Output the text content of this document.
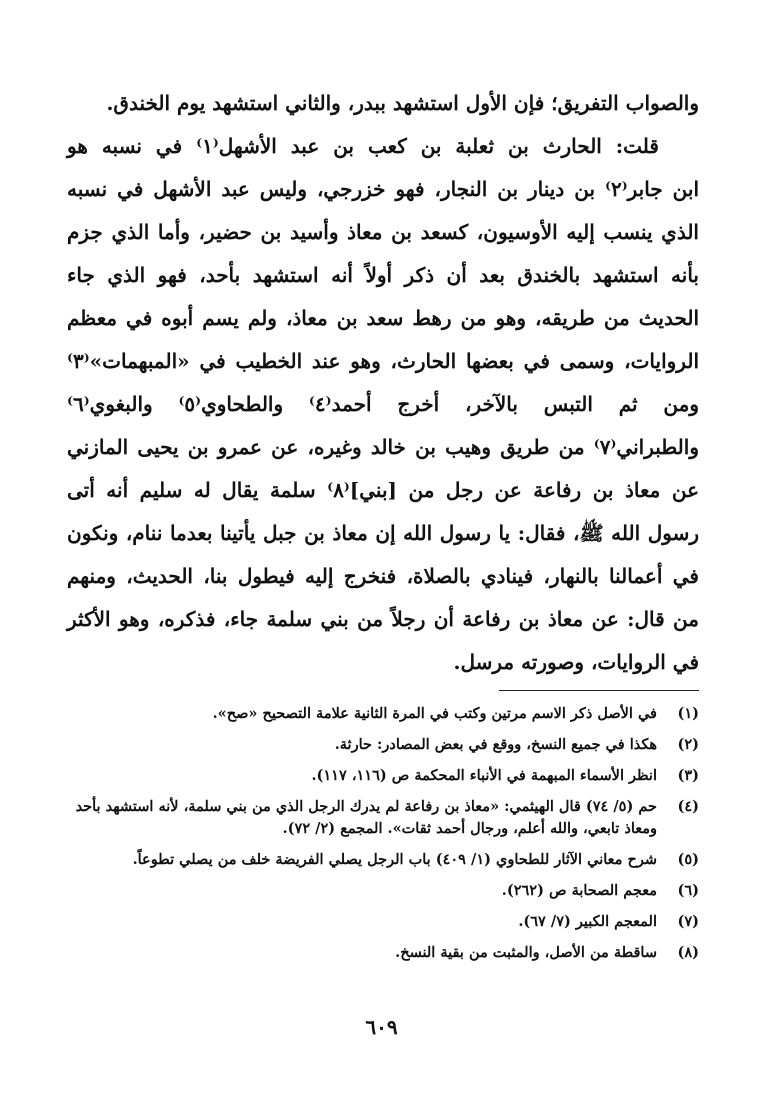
والصواب التفريق؛ فإن الأول استشهد ببدر، والثاني استشهد يوم الخندق.
قلت: الحارث بن ثعلبة بن كعب بن عبد الأشهل⁽١⁾ في نسبه هو
ابن جابر⁽٢⁾ بن دينار بن النجار، فهو خزرجي، وليس عبد الأشهل في نسبه
الذي ينسب إليه الأوسيون، كسعد بن معاذ وأسيد بن حضير، وأما الذي جزم
بأنه استشهد بالخندق بعد أن ذكر أولاً أنه استشهد بأحد، فهو الذي جاء
الحديث من طريقه، وهو من رهط سعد بن معاذ، ولم يسم أبوه في معظم
الروايات، وسمى في بعضها الحارث، وهو عند الخطيب في «المبهمات»⁽٣⁾
ومن ثم التبس بالآخر، أخرج أحمد⁽٤⁾ والطحاوي⁽٥⁾ والبغوي⁽٦⁾
والطبراني⁽٧⁾ من طريق وهيب بن خالد وغيره، عن عمرو بن يحيى المازني
عن معاذ بن رفاعة عن رجل من [بني]⁽٨⁾ سلمة يقال له سليم أنه أتى
رسول الله ﷺ، فقال: يا رسول الله إن معاذ بن جبل يأتينا بعدما ننام، ونكون
في أعمالنا بالنهار، فينادي بالصلاة، فنخرج إليه فيطول بنا، الحديث، ومنهم
من قال: عن معاذ بن رفاعة أن رجلاً من بني سلمة جاء، فذكره، وهو الأكثر
في الروايات، وصورته مرسل.
(١)
في الأصل ذكر الاسم مرتين وكتب في المرة الثانية علامة التصحيح «صح».
(٢)
هكذا في جميع النسخ، ووقع في بعض المصادر: حارثة.
(٣)
انظر الأسماء المبهمة في الأنباء المحكمة ص (١١٦، ١١٧).
(٤)
حم (٥/ ٧٤) قال الهيثمي: «معاذ بن رفاعة لم يدرك الرجل الذي من بني سلمة، لأنه استشهد بأحد ومعاذ تابعي، والله أعلم، ورجال أحمد ثقات». المجمع (٢/ ٧٢).
(٥)
شرح معاني الآثار للطحاوي (١/ ٤٠٩) باب الرجل يصلي الفريضة خلف من يصلي تطوعاً.
(٦)
معجم الصحابة ص (٢٦٢).
(٧)
المعجم الكبير (٧/ ٦٧).
(٨)
ساقطة من الأصل، والمثبت من بقية النسخ.
٦٠٩
